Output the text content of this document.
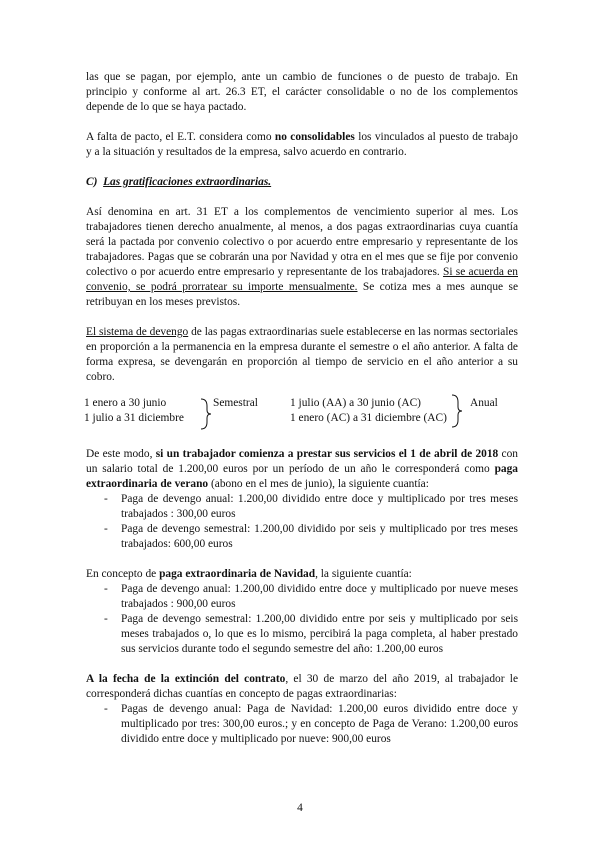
las que se pagan, por ejemplo, ante un cambio de funciones o de puesto de trabajo. En principio y conforme al art. 26.3 ET, el carácter consolidable o no de los complementos depende de lo que se haya pactado.

A falta de pacto, el E.T. considera como no consolidables los vinculados al puesto de trabajo y a la situación y resultados de la empresa, salvo acuerdo en contrario.

C) Las gratificaciones extraordinarias.

Así denomina en art. 31 ET a los complementos de vencimiento superior al mes. Los trabajadores tienen derecho anualmente, al menos, a dos pagas extraordinarias cuya cuantía será la pactada por convenio colectivo o por acuerdo entre empresario y representante de los trabajadores. Pagas que se cobrarán una por Navidad y otra en el mes que se fije por convenio colectivo o por acuerdo entre empresario y representante de los trabajadores. Si se acuerda en convenio, se podrá prorratear su importe mensualmente. Se cotiza mes a mes aunque se retribuyan en los meses previstos.

El sistema de devengo de las pagas extraordinarias suele establecerse en las normas sectoriales en proporción a la permanencia en la empresa durante el semestre o el año anterior. A falta de forma expresa, se devengarán en proporción al tiempo de servicio en el año anterior a su cobro.

1 enero a 30 junio
1 julio a 31 diciembre
Semestral	1 julio (AA) a 30 junio (AC)
1 enero (AC) a 31 diciembre (AC)
Anual

De este modo, si un trabajador comienza a prestar sus servicios el 1 de abril de 2018 con un salario total de 1.200,00 euros por un período de un año le corresponderá como paga extraordinaria de verano (abono en el mes de junio), la siguiente cuantía:

- Paga de devengo anual: 1.200,00 dividido entre doce y multiplicado por tres meses trabajados : 300,00 euros
- Paga de devengo semestral: 1.200,00 dividido por seis y multiplicado por tres meses trabajados: 600,00 euros

En concepto de paga extraordinaria de Navidad, la siguiente cuantía:

- Paga de devengo anual: 1.200,00 dividido entre doce y multiplicado por nueve meses trabajados : 900,00 euros
- Paga de devengo semestral: 1.200,00 dividido entre por seis y multiplicado por seis meses trabajados o, lo que es lo mismo, percibirá la paga completa, al haber prestado sus servicios durante todo el segundo semestre del año: 1.200,00 euros

A la fecha de la extinción del contrato, el 30 de marzo del año 2019, al trabajador le corresponderá dichas cuantías en concepto de pagas extraordinarias:

- Pagas de devengo anual: Paga de Navidad: 1.200,00 euros dividido entre doce y multiplicado por tres: 300,00 euros.; y en concepto de Paga de Verano: 1.200,00 euros dividido entre doce y multiplicado por nueve: 900,00 euros
4
